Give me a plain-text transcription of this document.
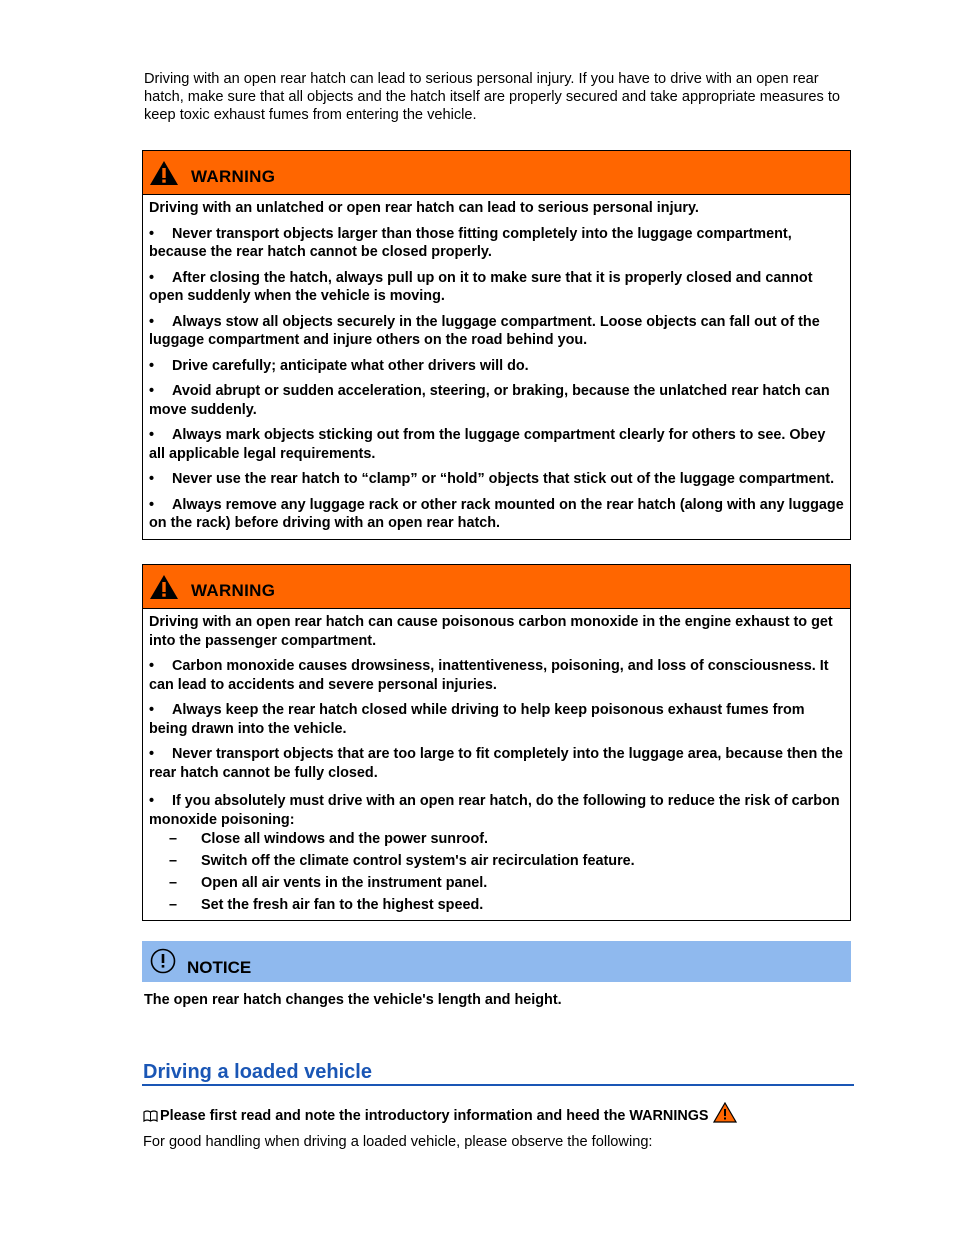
Driving with an open rear hatch can lead to serious personal injury. If you have to drive with an open rear hatch, make sure that all objects and the hatch itself are properly secured and take appropriate measures to keep toxic exhaust fumes from entering the vehicle.
WARNING

Driving with an unlatched or open rear hatch can lead to serious personal injury.

• Never transport objects larger than those fitting completely into the luggage compartment, because the rear hatch cannot be closed properly.

• After closing the hatch, always pull up on it to make sure that it is properly closed and cannot open suddenly when the vehicle is moving.

• Always stow all objects securely in the luggage compartment. Loose objects can fall out of the luggage compartment and injure others on the road behind you.

• Drive carefully; anticipate what other drivers will do.

• Avoid abrupt or sudden acceleration, steering, or braking, because the unlatched rear hatch can move suddenly.

• Always mark objects sticking out from the luggage compartment clearly for others to see. Obey all applicable legal requirements.

• Never use the rear hatch to “clamp” or “hold” objects that stick out of the luggage compartment.

• Always remove any luggage rack or other rack mounted on the rear hatch (along with any luggage on the rack) before driving with an open rear hatch.

WARNING

Driving with an open rear hatch can cause poisonous carbon monoxide in the engine exhaust to get into the passenger compartment.

• Carbon monoxide causes drowsiness, inattentiveness, poisoning, and loss of consciousness. It can lead to accidents and severe personal injuries.

• Always keep the rear hatch closed while driving to help keep poisonous exhaust fumes from being drawn into the vehicle.

• Never transport objects that are too large to fit completely into the luggage area, because then the rear hatch cannot be fully closed.

• If you absolutely must drive with an open rear hatch, do the following to reduce the risk of carbon monoxide poisoning:

– Close all windows and the power sunroof.
– Switch off the climate control system's air recirculation feature.
– Open all air vents in the instrument panel.
– Set the fresh air fan to the highest speed.
NOTICE
The open rear hatch changes the vehicle's length and height.
Driving a loaded vehicle
Please first read and note the introductory information and heed the WARNINGS
For good handling when driving a loaded vehicle, please observe the following:
